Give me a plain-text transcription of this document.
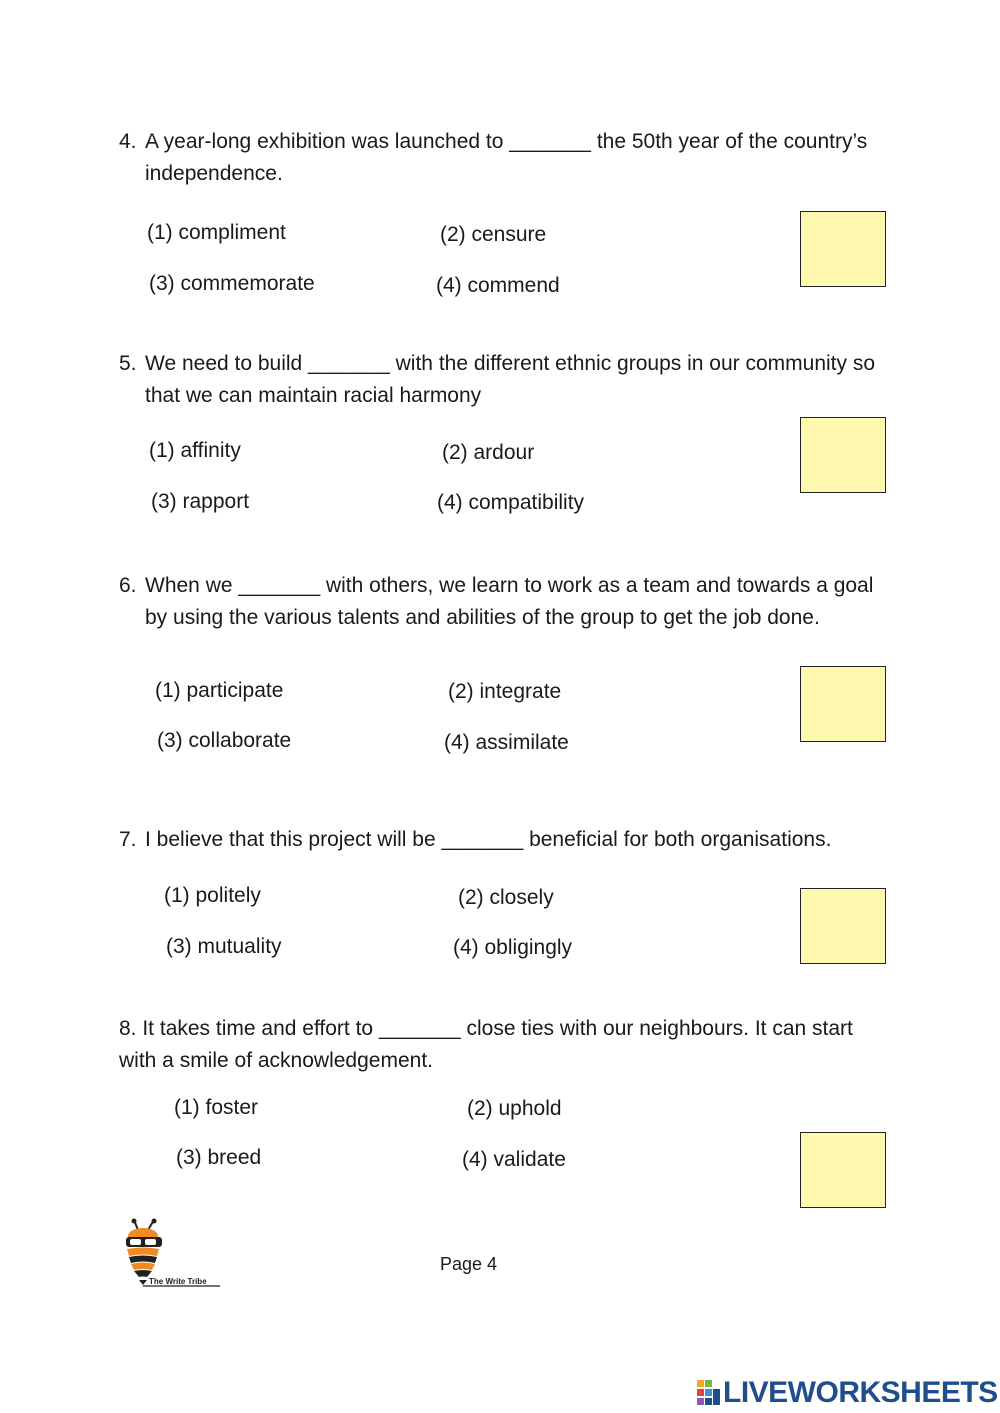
4. A year-long exhibition was launched to _______ the 50th year of the country’s independence.
(1) compliment	(2) censure
(3) commemorate	(4) commend
5. We need to build _______ with the different ethnic groups in our community so that we can maintain racial harmony
(1) affinity	(2) ardour
(3) rapport	(4) compatibility
6. When we _______ with others, we learn to work as a team and towards a goal by using the various talents and abilities of the group to get the job done.
(1) participate	(2) integrate
(3) collaborate	(4) assimilate
7. I believe that this project will be _______ beneficial for both organisations.
(1) politely	(2) closely
(3) mutuality	(4) obligingly
8. It takes time and effort to _______ close ties with our neighbours. It can start with a smile of acknowledgement.
(1) foster	(2) uphold
(3) breed	(4) validate
The Write Tribe
Page 4
LIVEWORKSHEETS
